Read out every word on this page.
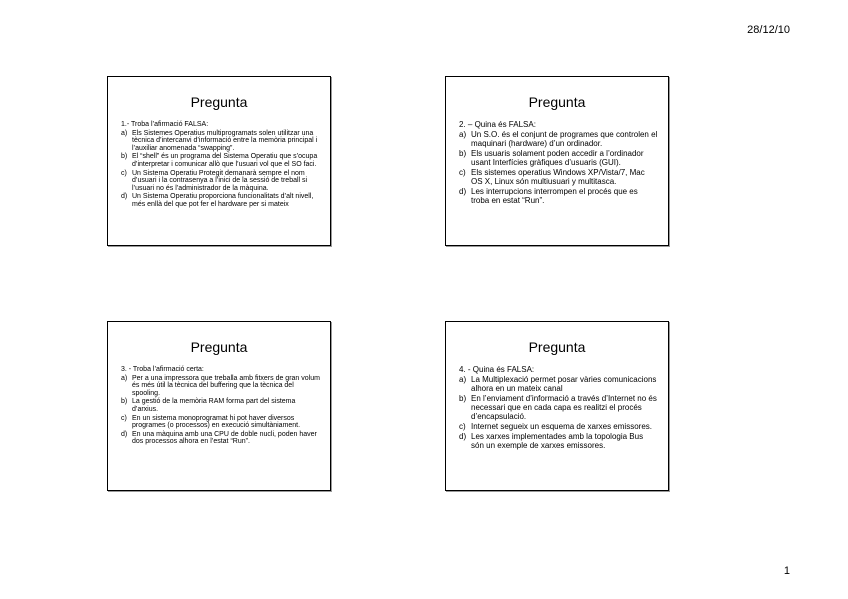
28/12/10
Pregunta
1.- Troba l’afirmació FALSA:
a) Els Sistemes Operatius multiprogramats solen utilitzar una tècnica d’intercanvi d’informació entre la memòria principal i l’auxiliar anomenada “swapping”.
b) El “shell” és un programa del Sistema Operatiu que s’ocupa d’interpretar i comunicar allò que l’usuari vol que el SO faci.
c) Un Sistema Operatiu Protegit demanarà sempre el nom d’usuari i la contrasenya a l’inici de la sessió de treball si l’usuari no és l’administrador de la màquina.
d) Un Sistema Operatiu proporciona funcionalitats d’alt nivell, més enllà del que pot fer el hardware per si mateix
Pregunta
2. – Quina és FALSA:
a) Un S.O. és el conjunt de programes que controlen el maquinari (hardware) d’un ordinador.
b) Els usuaris solament poden accedir a l’ordinador usant Interfícies gràfiques d’usuaris (GUI).
c) Els sistemes operatius Windows XP/Vista/7, Mac OS X, Linux són multiusuari y multitasca.
d) Les interrupcions interrompen el procés que es troba en estat “Run”.
Pregunta
3. - Troba l’afirmació certa:
a) Per a una impressora que treballa amb fitxers de gran volum és més útil la tècnica del buffering que la tècnica del spooling.
b) La gestió de la memòria RAM forma part del sistema d’arxius.
c) En un sistema monoprogramat hi pot haver diversos programes (o processos) en execució simultàniament.
d) En una màquina amb una CPU de doble nucli, poden haver dos processos alhora en l’estat “Run”.
Pregunta
4. - Quina és FALSA:
a) La Multiplexació permet posar vàries comunicacions alhora en un mateix canal
b) En l’enviament d’informació a través d’Internet no és necessari que en cada capa es realitzi el procés d’encapsulació.
c) Internet segueix un esquema de xarxes emissores.
d) Les xarxes implementades amb la topologia Bus són un exemple de xarxes emissores.
1
